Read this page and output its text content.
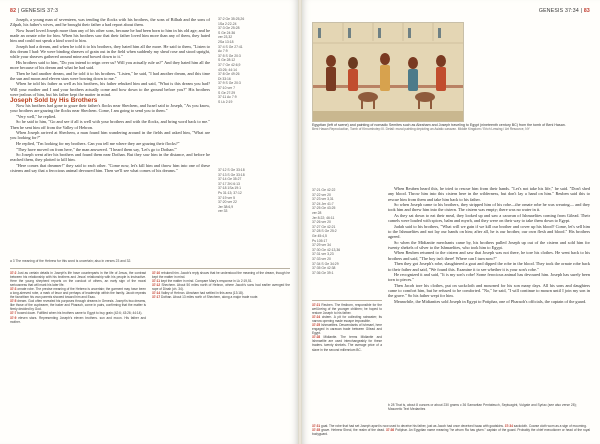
82 | GENESIS 37:3

Joseph, a young man of seventeen, was tending the flocks with his brothers, the sons of Bilhah and the sons of Zilpah, his father's wives, and he brought their father a bad report about them.

Now Israel loved Joseph more than any of his other sons, because he had been born to him in his old age; and he made an ornate robe for him. When his brothers saw that their father loved him more than any of them, they hated him and could not speak a kind word to him.

Joseph had a dream, and when he told it to his brothers, they hated him all the more. He said to them, "Listen to this dream I had: We were binding sheaves of grain out in the field when suddenly my sheaf rose and stood upright, while your sheaves gathered around mine and bowed down to it."

His brothers said to him, "Do you intend to reign over us? Will you actually rule us?" And they hated him all the more because of his dream and what he had said.

Then he had another dream, and he told it to his brothers. "Listen," he said, "I had another dream, and this time the sun and moon and eleven stars were bowing down to me."

When he told his father as well as his brothers, his father rebuked him and said, "What is this dream you had? Will your mother and I and your brothers actually come and bow down to the ground before you?" His brothers were jealous of him, but his father kept the matter in mind.

Joseph Sold by His Brothers

Now his brothers had gone to graze their father's flocks near Shechem, and Israel said to Joseph, "As you know, your brothers are grazing the flocks near Shechem. Come, I am going to send you to them."

"Very well," he replied.

So he said to him, "Go and see if all is well with your brothers and with the flocks, and bring word back to me." Then he sent him off from the Valley of Hebron.

When Joseph arrived at Shechem, a man found him wandering around in the fields and asked him, "What are you looking for?"

He replied, "I'm looking for my brothers. Can you tell me where they are grazing their flocks?"

"They have moved on from here," the man answered. "I heard them say, 'Let's go to Dothan.'"

So Joseph went after his brothers and found them near Dothan. But they saw him in the distance, and before he reached them, they plotted to kill him.

"Here comes that dreamer!" they said to each other. "Come now, let's kill him and throw him into one of these cisterns and say that a ferocious animal devoured him. Then we'll see what comes of his dreams."

37:2 Ge 35:25,26
1Sa 2:22-24
37:3 Ge 25:28
S Ge 24:36
ver 23,32
2Sa 13:18
37:4 S Ge 27:41
Ac 7:9
37:5 S Ge 20:3
S Ge 28:12
37:7 Ge 42:6,9
43:26; 44:14
37:8 Ge 49:26
Dt 33:16
37:9 S Ge 20:3
37:10 ver 7
S Ge 27:29
37:11 Ac 7:9
S Lk 2:19
37:12 S Ge 33:18
37:13 S Ge 33:18
37:14 Ge 35:27
37:17 2Ki 6:13
37:18 1Sa 19:1
Ps 31:13; 37:12
37:19 ver 5
37:20 ver 22
Jer 38:6,9
ver 33
a 3 The meaning of the Hebrew for this word is uncertain; also in verses 23 and 32.

37:2 Just as certain details in Joseph's life have counterparts in the life of Jesus, the contrast between his relationship with his brothers and Jesus' relationship with his people is instructive. Here the young shepherd reports on the conduct of others, an early sign of the moral seriousness that will mark his later life.

37:3 ornate robe. The precise meaning of the Hebrew is uncertain; the garment may have been a long-sleeved robe, a mark of favor and perhaps of leadership within the family. Jacob repeats the favoritism his own parents showed toward him and Esau.

37:5 dream. God often revealed his purposes through dreams in Genesis. Joseph's two dreams, like those of the cupbearer, the baker and Pharaoh, come in pairs, confirming that the matter is firmly decided by God.

37:7 bowed down. Fulfilled when his brothers came to Egypt to buy grain (42:6; 43:26; 44:14).

37:9 eleven stars. Representing Joseph's eleven brothers. sun and moon. His father and mother.

37:10 rebuked him. Jacob's reply shows that he understood the meaning of the dream, though he kept the matter in mind.

37:11 kept the matter in mind. Compare Mary's response in Lk 2:19,51.

37:12 Shechem. About 50 miles north of Hebron, where Jacob's sons had earlier avenged the rape of Dinah (ch. 34).

37:14 Valley of Hebron. Abraham had settled in this area (13:18).

37:17 Dothan. About 13 miles north of Shechem, along a major trade route.

GENESIS 37:34 | 83
Egyptian (left of scene) and painting of nomadic Semites such as Abraham and Joseph traveling to Egypt (nineteenth century BC) from the tomb of Beni Hasan.
Beni Hasan Reproduction, Tomb of Khnumhotep III. Detail: mural painting depicting an Asiatic caravan. Middle Kingdom / Erich Lessing / Art Resource, NY
37:21 Ge 42:22
37:22 ver 20
37:23 ver 3,31
37:24 Jer 41:7
37:25 Ge 43:25
ver 28
Jer 8:22; 46:11
37:26 ver 20
37:27 Ge 42:21
37:28 S Ge 25:2
Ge 45:4,5
Ps 105:17
37:29 ver 34
37:30 Ge 42:13,36
37:31 ver 3,23
37:33 ver 20
37:34 S Ge 34:29
37:35 Ge 42:38
37:36 Ge 39:1

When Reuben heard this, he tried to rescue him from their hands. "Let's not take his life," he said. "Don't shed any blood. Throw him into this cistern here in the wilderness, but don't lay a hand on him." Reuben said this to rescue him from them and take him back to his father.

So when Joseph came to his brothers, they stripped him of his robe—the ornate robe he was wearing— and they took him and threw him into the cistern. The cistern was empty; there was no water in it.

As they sat down to eat their meal, they looked up and saw a caravan of Ishmaelites coming from Gilead. Their camels were loaded with spices, balm and myrrh, and they were on their way to take them down to Egypt.

Judah said to his brothers, "What will we gain if we kill our brother and cover up his blood? Come, let's sell him to the Ishmaelites and not lay our hands on him; after all, he is our brother, our own flesh and blood." His brothers agreed.

So when the Midianite merchants came by, his brothers pulled Joseph up out of the cistern and sold him for twenty shekels of silver to the Ishmaelites, who took him to Egypt.

When Reuben returned to the cistern and saw that Joseph was not there, he tore his clothes. He went back to his brothers and said, "The boy isn't there! Where can I turn now?"

Then they got Joseph's robe, slaughtered a goat and dipped the robe in the blood. They took the ornate robe back to their father and said, "We found this. Examine it to see whether it is your son's robe."

He recognized it and said, "It is my son's robe! Some ferocious animal has devoured him. Joseph has surely been torn to pieces."

Then Jacob tore his clothes, put on sackcloth and mourned for his son many days. All his sons and daughters came to comfort him, but he refused to be comforted. "No," he said, "I will continue to mourn until I join my son in the grave." So his father wept for him.

Meanwhile, the Midianites sold Joseph in Egypt to Potiphar, one of Pharaoh's officials, the captain of the guard.

b 28 That is, about 8 ounces or about 230 grams c 36 Samaritan Pentateuch, Septuagint, Vulgate and Syriac (see also verse 28); Masoretic Text Medanites

37:21 Reuben. The firstborn, responsible for the well-being of the younger children; he hoped to restore Joseph to his father.

37:24 cistern. A pit for collecting rainwater; its narrow opening made escape impossible.

37:25 Ishmaelites. Descendants of Ishmael, here engaged in caravan trade between Gilead and Egypt.

37:28 Midianite. The terms Midianite and Ishmaelite are used interchangeably for these traders. twenty shekels. The average price of a slave in the second millennium BC.

37:31 goat. The robe that had set Joseph apart is now used to deceive his father, just as Jacob had once deceived Isaac with goatskins. 37:34 sackcloth. Coarse cloth worn as a sign of mourning.

37:35 grave. Hebrew Sheol, the realm of the dead. 37:36 Potiphar. An Egyptian name meaning "he whom Ra has given." captain of the guard. Probably the chief executioner or head of the royal bodyguard.
